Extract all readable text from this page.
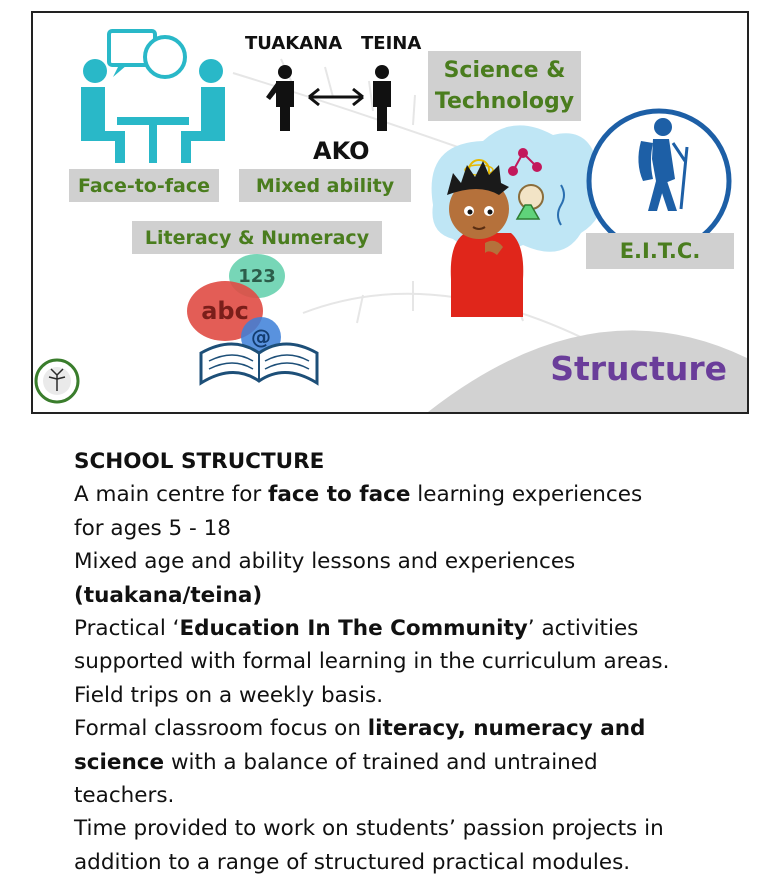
123
abc
@
TUAKANA TEINA
AKO
Face-to-face	Mixed ability
Literacy & Numeracy
Science &
Technology
E.I.T.C.
Structure

SCHOOL STRUCTURE

A main centre for face to face learning experiences

for ages 5 - 18

Mixed age and ability lessons and experiences

(tuakana/teina)

Practical ‘Education In The Community’ activities

supported with formal learning in the curriculum areas.

Field trips on a weekly basis.

Formal classroom focus on literacy, numeracy and

science with a balance of trained and untrained

teachers.

Time provided to work on students’ passion projects in

addition to a range of structured practical modules.
